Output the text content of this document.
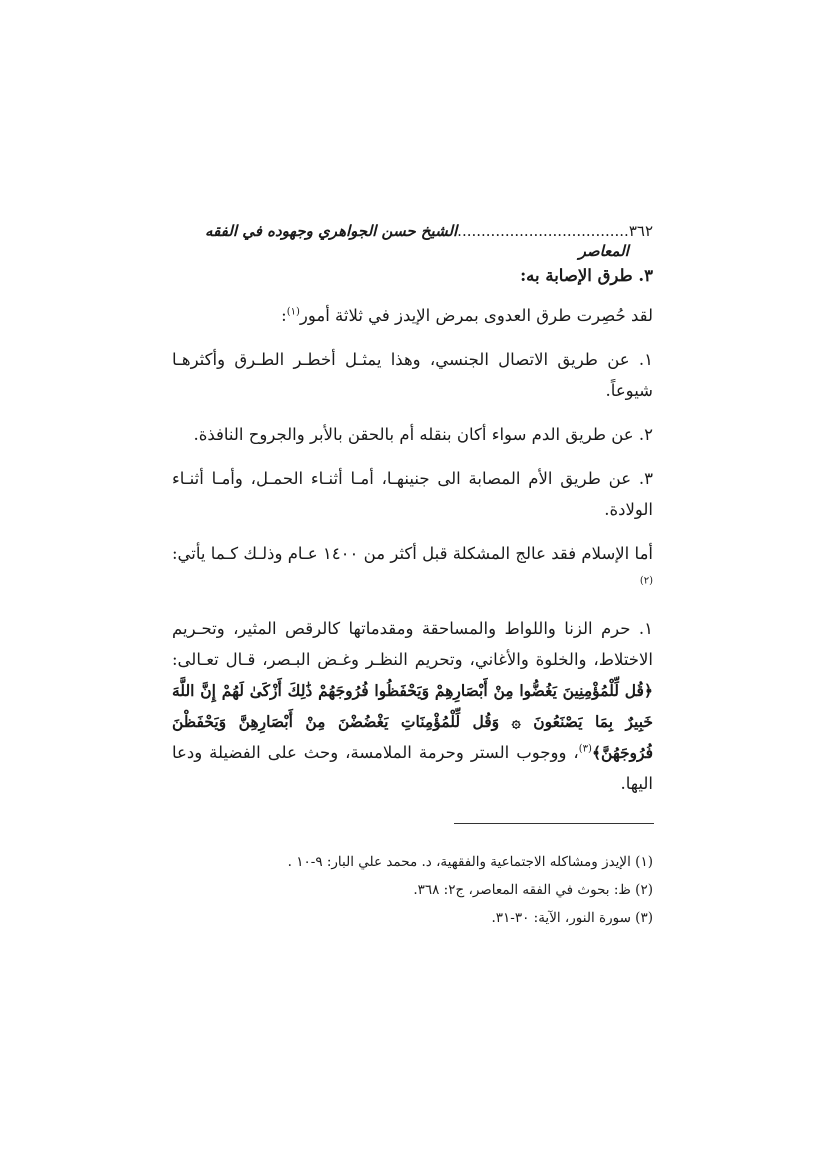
٣٦٢
....................................الشيخ حسن الجواهري وجهوده في الفقه المعاصر

٣. طرق الإصابة به:

لقد حُصِرت طرق العدوى بمرض الإيدز في ثلاثة أمور$^{(١)}$:

١. عن طريق الاتصال الجنسي، وهذا يمثـل أخطـر الطـرق وأكثرهـا شيوعاً.

٢. عن طريق الدم سواء أكان بنقله أم بالحقن بالأبر والجروح النافذة.

٣. عن طريق الأم المصابة الى جنينهـا، أمـا أثنـاء الحمـل، وأمـا أثنـاء الولادة.

أما الإسلام فقد عالج المشكلة قبل أكثر من ١٤٠٠ عـام وذلـك كـما يأتي: $^{(٢)}$

١. حرم الزنا واللواط والمساحقة ومقدماتها كالرقص المثير، وتحـريم الاختلاط، والخلوة والأغاني، وتحريم النظـر وغـض البـصر، قـال تعـالى: ﴿قُل لِّلْمُؤْمِنِينَ يَغُضُّوا مِنْ أَبْصَارِهِمْ وَيَحْفَظُوا فُرُوجَهُمْ ذَٰلِكَ أَزْكَىٰ لَهُمْ إِنَّ اللَّهَ خَبِيرٌ بِمَا يَصْنَعُونَ ۞ وَقُل لِّلْمُؤْمِنَاتِ يَغْضُضْنَ مِنْ أَبْصَارِهِنَّ وَيَحْفَظْنَ فُرُوجَهُنَّ﴾$^{(٣)}$، ووجوب الستر وحرمة الملامسة، وحث على الفضيلة ودعا اليها.

(١) الإيدز ومشاكله الاجتماعية والفقهية، د. محمد علي البار: ٩-١٠ .

(٢) ظ: بحوث في الفقه المعاصر، ج٢: ٣٦٨.

(٣) سورة النور، الآية: ٣٠-٣١.
